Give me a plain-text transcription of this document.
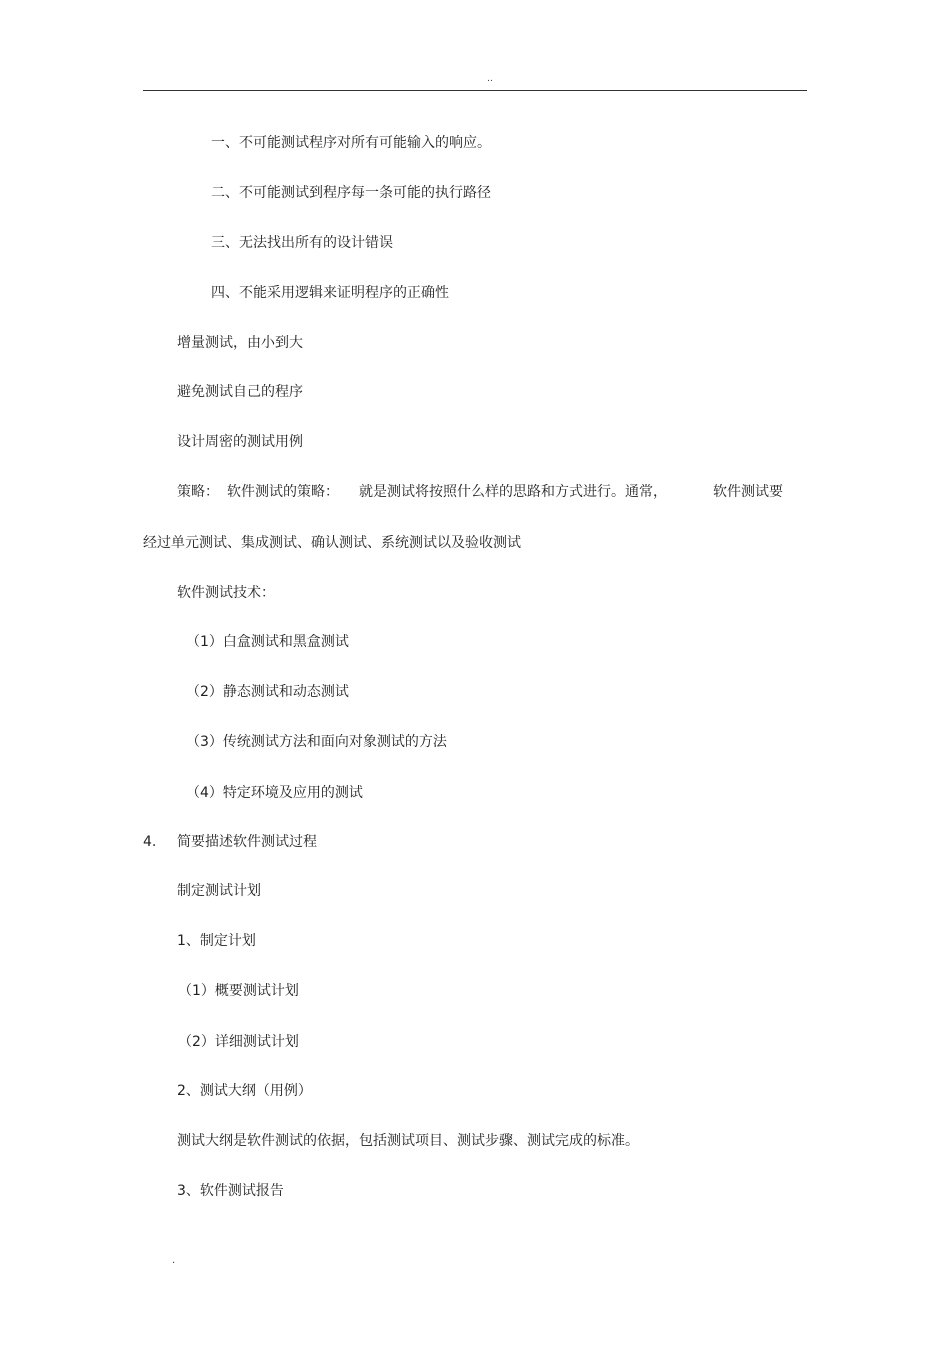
..
一、不可能测试程序对所有可能输入的响应。
二、不可能测试到程序每一条可能的执行路径
三、无法找出所有的设计错误
四、不能采用逻辑来证明程序的正确性
增量测试，由小到大
避免测试自己的程序
设计周密的测试用例
策略： 软件测试的策略： 就是测试将按照什么样的思路和方式进行。通常，	软件测试要
经过单元测试、集成测试、确认测试、系统测试以及验收测试
软件测试技术：
（1）白盒测试和黑盒测试
（2）静态测试和动态测试
（3）传统测试方法和面向对象测试的方法
（4）特定环境及应用的测试
4. 简要描述软件测试过程
制定测试计划
1、制定计划
（1）概要测试计划
（2）详细测试计划
2、测试大纲（用例）
测试大纲是软件测试的依据，包括测试项目、测试步骤、测试完成的标准。
3、软件测试报告
.
